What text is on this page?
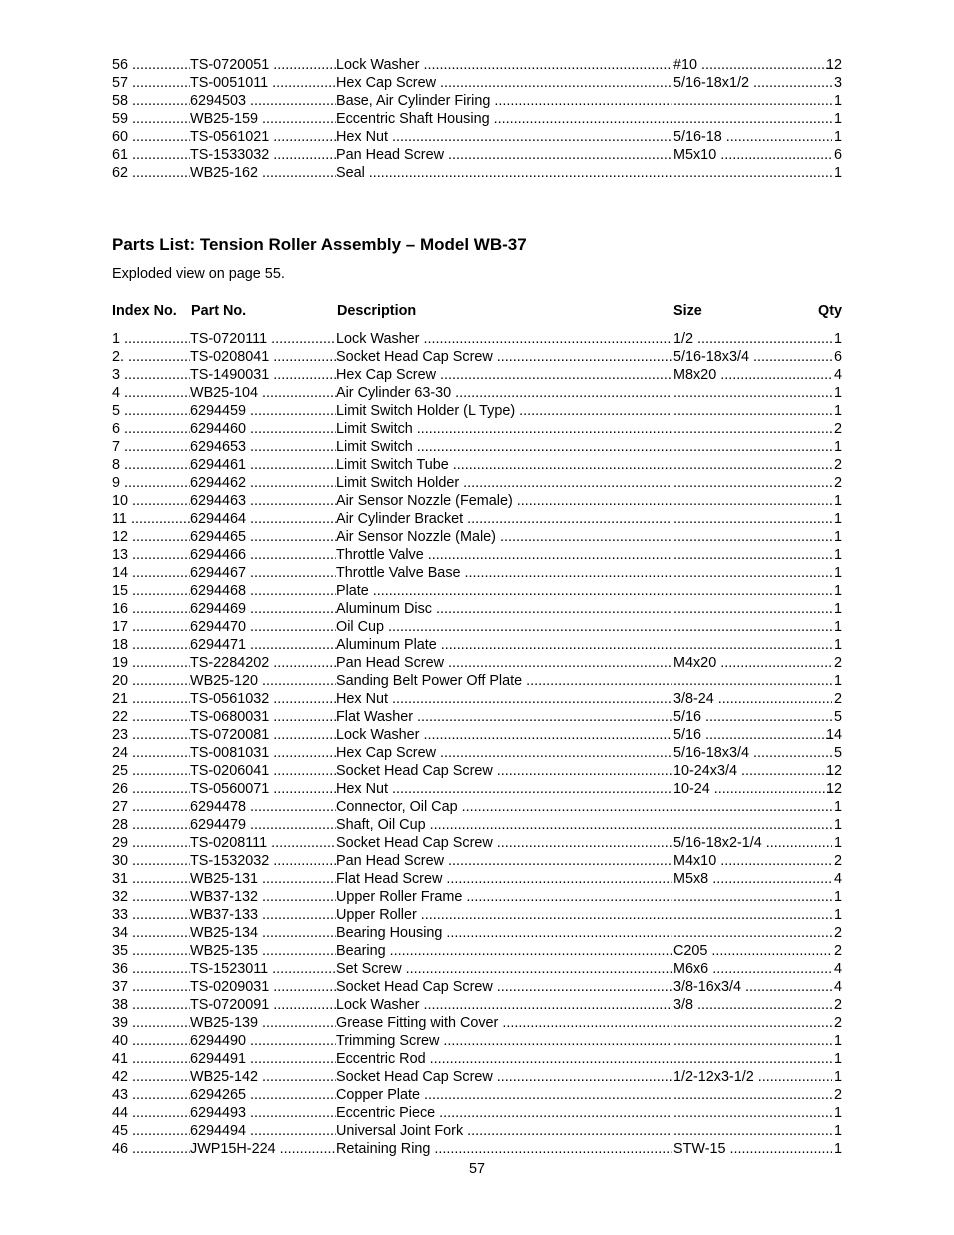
56 .....	TS-0720051 .....	Lock Washer .....	#10 .....	12
57 .....	TS-0051011 .....	Hex Cap Screw .....	5/16-18x1/2 .....	3
58 .....	6294503 .....	Base, Air Cylinder Firing ..... .....	1
59 .....	WB25-159 .....	Eccentric Shaft Housing ..... .....	1
60 .....	TS-0561021 .....	Hex Nut .....	5/16-18 .....	1
61 .....	TS-1533032 .....	Pan Head Screw .....	M5x10 .....	6
62 .....	WB25-162 .....	Seal ..... .....	1
Parts List: Tension Roller Assembly – Model WB-37
Exploded view on page 55.
Index No. Part No.	Description	Size	Qty
1 .....	TS-0720111 .....	Lock Washer .....	1/2 .....	1
2. .....	TS-0208041 .....	Socket Head Cap Screw .....	5/16-18x3/4 .....	6
3 .....	TS-1490031 .....	Hex Cap Screw .....	M8x20 .....	4
4 .....	WB25-104 .....	Air Cylinder 63-30 ..... .....	1
5 .....	6294459 .....	Limit Switch Holder (L Type) ..... .....	1
6 .....	6294460 .....	Limit Switch ..... .....	2
7 .....	6294653 .....	Limit Switch ..... .....	1
8 .....	6294461 .....	Limit Switch Tube ..... .....	2
9 .....	6294462 .....	Limit Switch Holder ..... .....	2
10 .....	6294463 .....	Air Sensor Nozzle (Female) ..... .....	1
11 .....	6294464 .....	Air Cylinder Bracket ..... .....	1
12 .....	6294465 .....	Air Sensor Nozzle (Male) ..... .....	1
13 .....	6294466 .....	Throttle Valve ..... .....	1
14 .....	6294467 .....	Throttle Valve Base ..... .....	1
15 .....	6294468 .....	Plate ..... .....	1
16 .....	6294469 .....	Aluminum Disc ..... .....	1
17 .....	6294470 .....	Oil Cup ..... .....	1
18 .....	6294471 .....	Aluminum Plate ..... .....	1
19 .....	TS-2284202 .....	Pan Head Screw .....	M4x20 .....	2
20 .....	WB25-120 .....	Sanding Belt Power Off Plate ..... .....	1
21 .....	TS-0561032 .....	Hex Nut .....	3/8-24 .....	2
22 .....	TS-0680031 .....	Flat Washer .....	5/16 .....	5
23 .....	TS-0720081 .....	Lock Washer .....	5/16 .....	14
24 .....	TS-0081031 .....	Hex Cap Screw .....	5/16-18x3/4 .....	5
25 .....	TS-0206041 .....	Socket Head Cap Screw .....	10-24x3/4 .....	12
26 .....	TS-0560071 .....	Hex Nut .....	10-24 .....	12
27 .....	6294478 .....	Connector, Oil Cap ..... .....	1
28 .....	6294479 .....	Shaft, Oil Cup ..... .....	1
29 .....	TS-0208111 .....	Socket Head Cap Screw .....	5/16-18x2-1/4 .....	1
30 .....	TS-1532032 .....	Pan Head Screw .....	M4x10 .....	2
31 .....	WB25-131 .....	Flat Head Screw .....	M5x8 .....	4
32 .....	WB37-132 .....	Upper Roller Frame ..... .....	1
33 .....	WB37-133 .....	Upper Roller ..... .....	1
34 .....	WB25-134 .....	Bearing Housing ..... .....	2
35 .....	WB25-135 .....	Bearing .....	C205 .....	2
36 .....	TS-1523011 .....	Set Screw .....	M6x6 .....	4
37 .....	TS-0209031 .....	Socket Head Cap Screw .....	3/8-16x3/4 .....	4
38 .....	TS-0720091 .....	Lock Washer .....	3/8 .....	2
39 .....	WB25-139 .....	Grease Fitting with Cover ..... .....	2
40 .....	6294490 .....	Trimming Screw ..... .....	1
41 .....	6294491 .....	Eccentric Rod ..... .....	1
42 .....	WB25-142 .....	Socket Head Cap Screw .....	1/2-12x3-1/2 .....	1
43 .....	6294265 .....	Copper Plate ..... .....	2
44 .....	6294493 .....	Eccentric Piece ..... .....	1
45 .....	6294494 .....	Universal Joint Fork ..... .....	1
46 .....	JWP15H-224 .....	Retaining Ring .....	STW-15 .....	1
57
